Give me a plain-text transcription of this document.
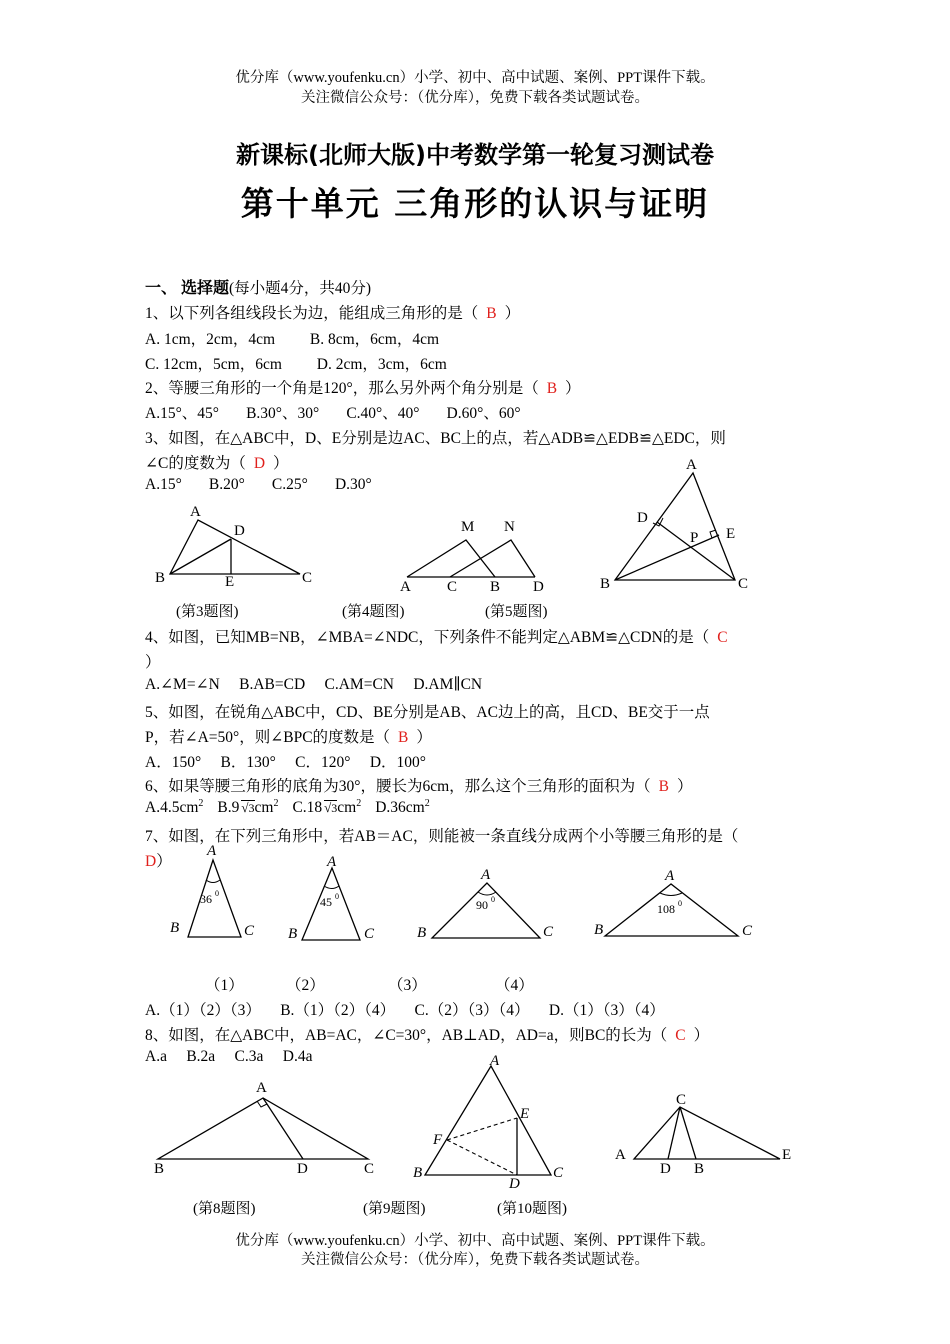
优分库（www.youfenku.cn）小学、初中、高中试题、案例、PPT课件下载。
关注微信公众号：（优分库），免费下载各类试题试卷。
新课标(北师大版)中考数学第一轮复习测试卷
第十单元 三角形的认识与证明
一、 选择题(每小题4分，共40分)
1、以下列各组线段长为边，能组成三角形的是（ B ）
A. 1cm，2cm，4cm         B. 8cm，6cm，4cm
C. 12cm，5cm，6cm         D. 2cm，3cm，6cm
2、等腰三角形的一个角是120°，那么另外两个角分别是（ B ）
A.15°、45°       B.30°、30°       C.40°、40°       D.60°、60°
3、如图，在△ABC中，D、E分别是边AC、BC上的点，若△ADB≌△EDB≌△EDC，则
∠C的度数为（ D ）
A.15°       B.20°       C.25°       D.30°
A
D
B	E	C
M N
A C B D
A
D
E
P
B	C
(第3题图)	(第4题图)	(第5题图)
4、如图，已知MB=NB，∠MBA=∠NDC，下列条件不能判定△ABM≌△CDN的是（ C
）
A.∠M=∠N     B.AB=CD     C.AM=CN     D.AM∥CN
5、如图，在锐角△ABC中，CD、BE分别是AB、AC边上的高，且CD、BE交于一点
P，若∠A=50°，则∠BPC的度数是（ B ）
A．150°     B．130°     C．120°     D．100°
6、如果等腰三角形的底角为30°，腰长为6cm，那么这个三角形的面积为（ B ）
$A.4.5cm^2$ B.9 $√3cm^2$ C.18 $√3cm^2$ $D.36cm^2$
7、如图，在下列三角形中，若AB＝AC，则能被一条直线分成两个小等腰三角形的是（
D）
A
B	C
36 0
A
B	C
45 0
A
B	C
90 0
A
B	C
108 0
（1）	（2）	（3）	（4）
A.（1）（2）（3）     B.（1）（2）（4）     C.（2）（3）（4）     D.（1）（3）（4）
8、如图，在△ABC中，AB=AC，∠C=30°，AB⊥AD，AD=a，则BC的长为（ C ）
A.a     B.2a     C.3a     D.4a
A
B	D	C
A
E
F
B
D
C
C
A
D B
E
(第8题图)	(第9题图)	(第10题图)
优分库（www.youfenku.cn）小学、初中、高中试题、案例、PPT课件下载。
关注微信公众号：（优分库），免费下载各类试题试卷。
